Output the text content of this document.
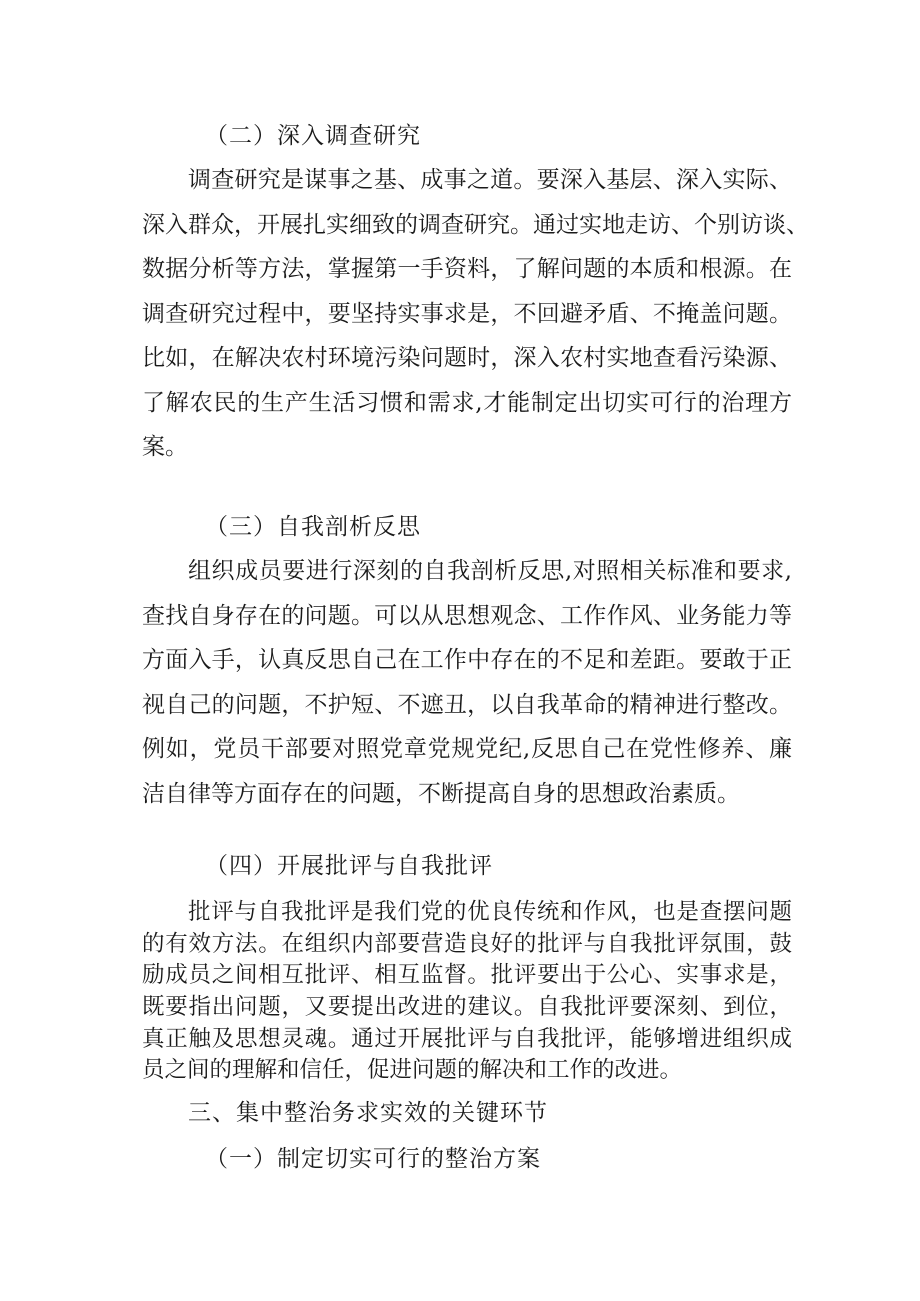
（二）深入调查研究
调查研究是谋事之基、成事之道。要深入基层、深入实际、
深入群众，开展扎实细致的调查研究。通过实地走访、个别访谈、
数据分析等方法，掌握第一手资料，了解问题的本质和根源。在
调查研究过程中，要坚持实事求是，不回避矛盾、不掩盖问题。
比如，在解决农村环境污染问题时，深入农村实地查看污染源、
了解农民的生产生活习惯和需求,才能制定出切实可行的治理方
案。
（三）自我剖析反思
组织成员要进行深刻的自我剖析反思,对照相关标准和要求,
查找自身存在的问题。可以从思想观念、工作作风、业务能力等
方面入手，认真反思自己在工作中存在的不足和差距。要敢于正
视自己的问题，不护短、不遮丑，以自我革命的精神进行整改。
例如，党员干部要对照党章党规党纪,反思自己在党性修养、廉
洁自律等方面存在的问题，不断提高自身的思想政治素质。
（四）开展批评与自我批评
批评与自我批评是我们党的优良传统和作风，也是查摆问题
的有效方法。在组织内部要营造良好的批评与自我批评氛围，鼓
励成员之间相互批评、相互监督。批评要出于公心、实事求是，
既要指出问题，又要提出改进的建议。自我批评要深刻、到位，
真正触及思想灵魂。通过开展批评与自我批评，能够增进组织成
员之间的理解和信任，促进问题的解决和工作的改进。
三、集中整治务求实效的关键环节
（一）制定切实可行的整治方案
